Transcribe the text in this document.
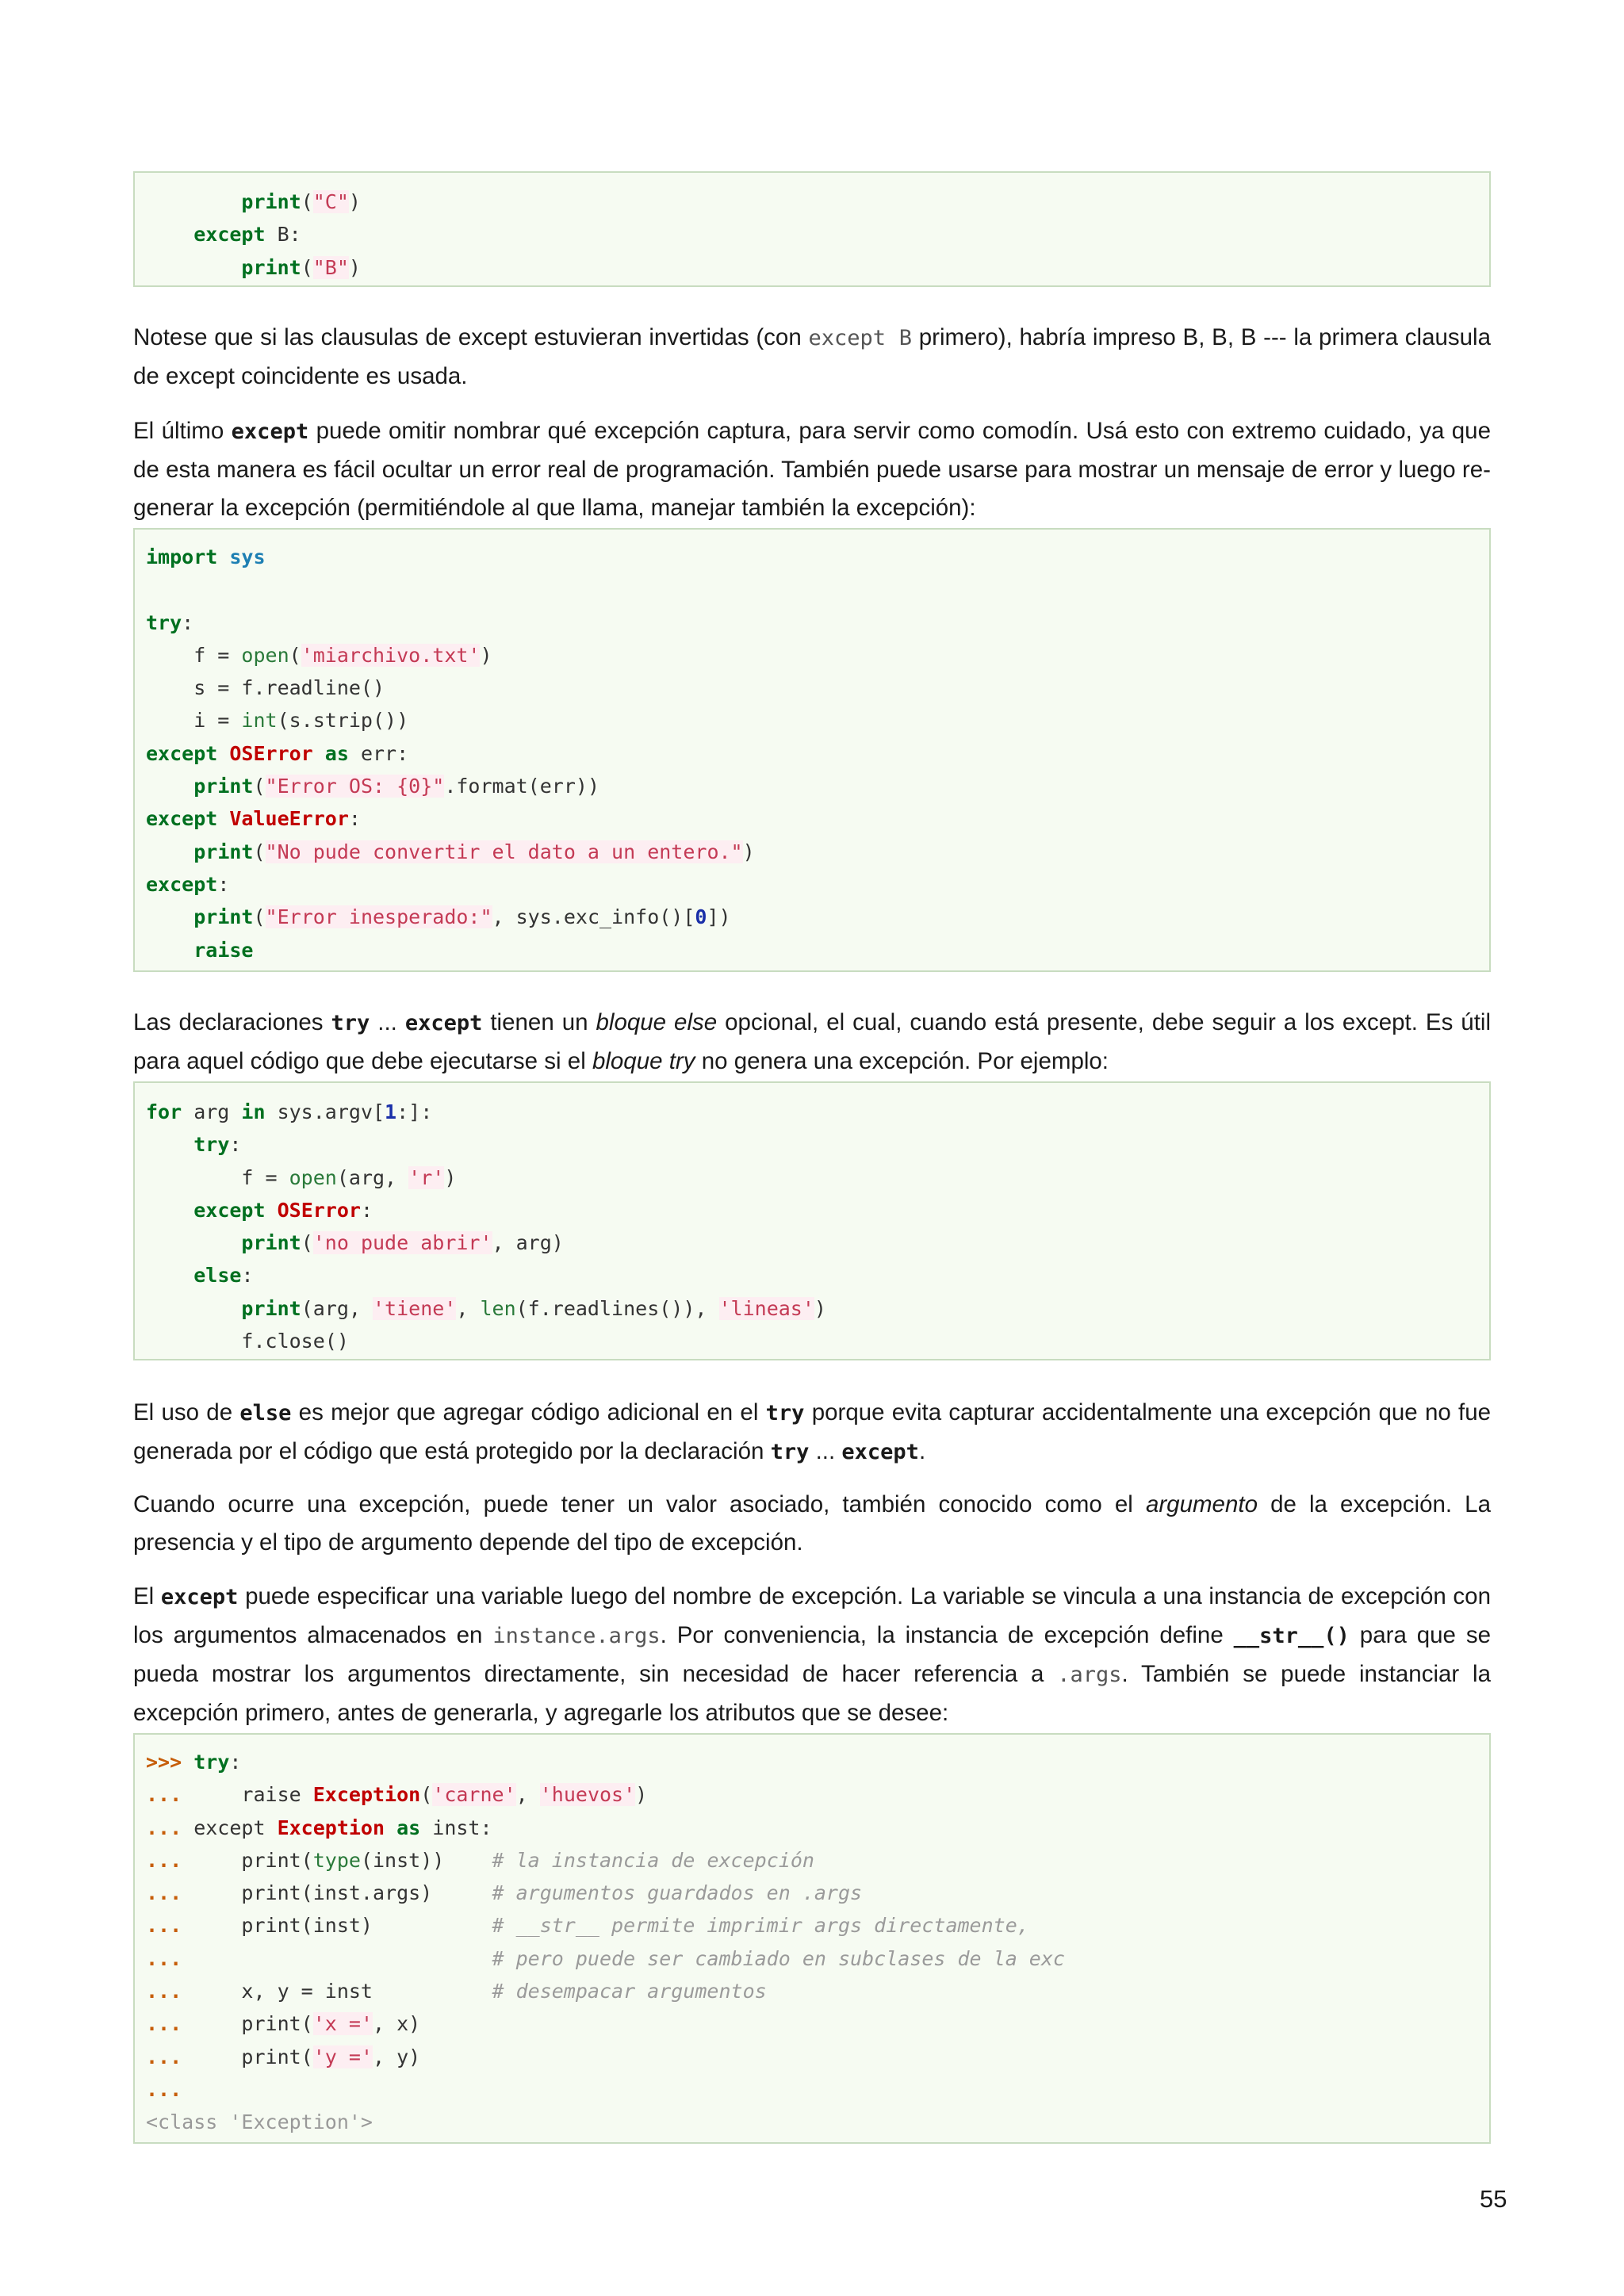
print("C")
except B:
print("B")

Notese que si las clausulas de except estuvieran invertidas (con except B primero), habría impreso B, B, B --- la primera clausula de except coincidente es usada.

El último except puede omitir nombrar qué excepción captura, para servir como comodín. Usá esto con extremo cuidado, ya que de esta manera es fácil ocultar un error real de programación. También puede usarse para mostrar un mensaje de error y luego re-generar la excepción (permitiéndole al que llama, manejar también la excepción):

import sys
try:
f = open('miarchivo.txt')
s = f.readline()
i = int(s.strip())
except OSError as err:
print("Error OS: {0}".format(err))
except ValueError:
print("No pude convertir el dato a un entero.")
except:
print("Error inesperado:", sys.exc_info()[0])
raise

Las declaraciones try ... except tienen un bloque else opcional, el cual, cuando está presente, debe seguir a los except. Es útil para aquel código que debe ejecutarse si el bloque try no genera una excepción. Por ejemplo:

for arg in sys.argv[1:]:
try:
f = open(arg, 'r')
except OSError:
print('no pude abrir', arg)
else:
print(arg, 'tiene', len(f.readlines()), 'lineas')
f.close()

El uso de else es mejor que agregar código adicional en el try porque evita capturar accidentalmente una excepción que no fue generada por el código que está protegido por la declaración try ... except.

Cuando ocurre una excepción, puede tener un valor asociado, también conocido como el argumento de la excepción. La presencia y el tipo de argumento depende del tipo de excepción.

El except puede especificar una variable luego del nombre de excepción. La variable se vincula a una instancia de excepción con los argumentos almacenados en instance.args. Por conveniencia, la instancia de excepción define __str__() para que se pueda mostrar los argumentos directamente, sin necesidad de hacer referencia a .args. También se puede instanciar la excepción primero, antes de generarla, y agregarle los atributos que se desee:

>>> try:
...     raise Exception('carne', 'huevos')
... except Exception as inst:
...     print(type(inst))    # la instancia de excepción
...     print(inst.args)     # argumentos guardados en .args
...     print(inst)          # __str__ permite imprimir args directamente,
...	# pero puede ser cambiado en subclases de la exc
...     x, y = inst          # desempacar argumentos
...     print('x =', x)
...     print('y =', y)
...
<class 'Exception'>
55
